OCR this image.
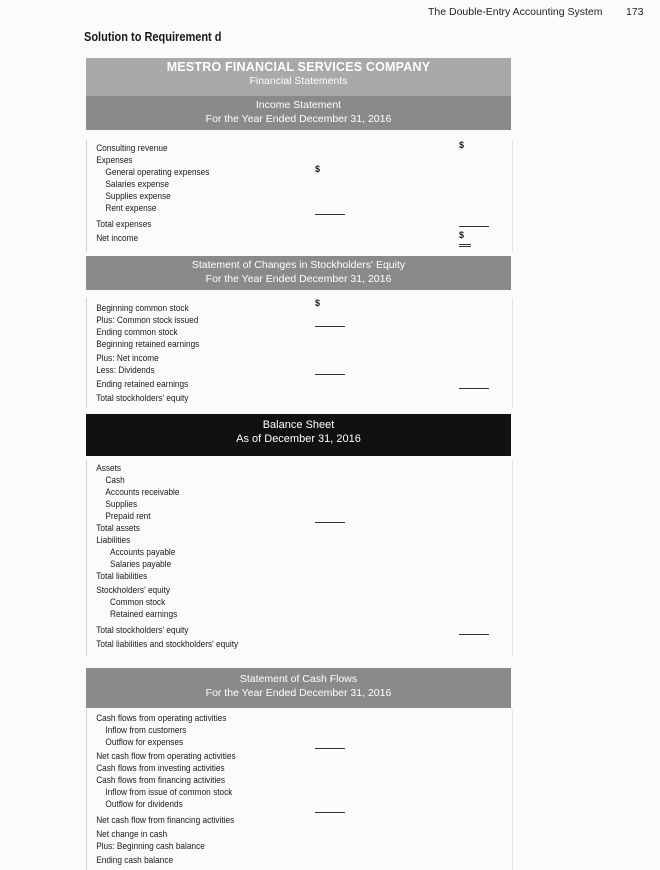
The Double-Entry Accounting System 173
Solution to Requirement d
MESTRO FINANCIAL SERVICES COMPANY
Financial Statements
Income Statement
For the Year Ended December 31, 2016
Consulting revenue
Expenses
General operating expenses
Salaries expense
Supplies expense
Rent expense
Total expenses
Net income
$
$
$
Statement of Changes in Stockholders' Equity
For the Year Ended December 31, 2016
Beginning common stock
Plus: Common stock issued
Ending common stock
Beginning retained earnings
Plus: Net income
Less: Dividends
Ending retained earnings
Total stockholders' equity
$
Balance Sheet
As of December 31, 2016
Assets
Cash
Accounts receivable
Supplies
Prepaid rent
Total assets
Liabilities
Accounts payable
Salaries payable
Total liabilities
Stockholders' equity
Common stock
Retained earnings
Total stockholders' equity
Total liabilities and stockholders' equity
Statement of Cash Flows
For the Year Ended December 31, 2016
Cash flows from operating activities
Inflow from customers
Outflow for expenses
Net cash flow from operating activities
Cash flows from investing activities
Cash flows from financing activities
Inflow from issue of common stock
Outflow for dividends
Net cash flow from financing activities
Net change in cash
Plus: Beginning cash balance
Ending cash balance
